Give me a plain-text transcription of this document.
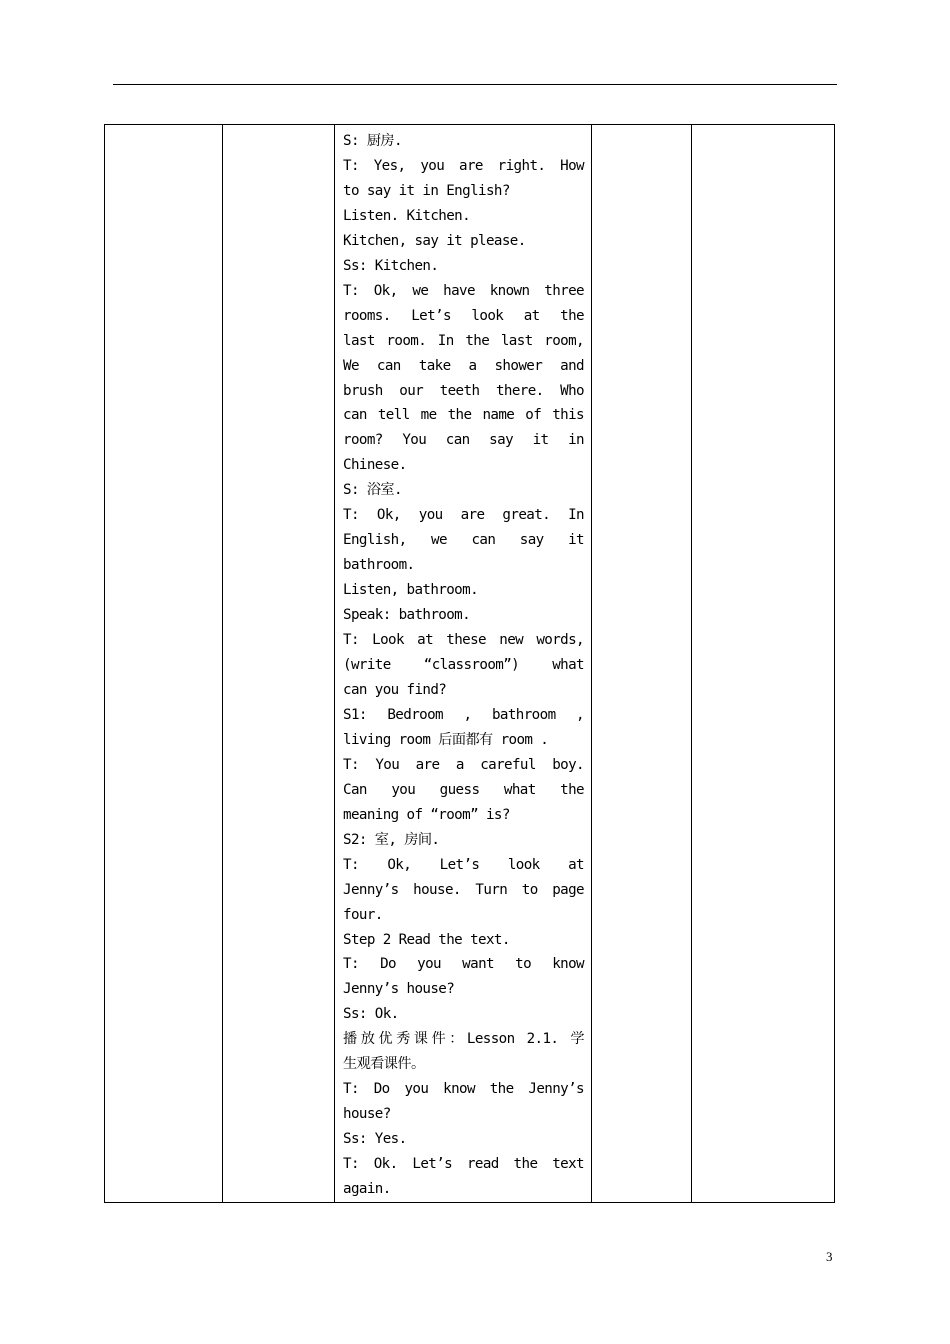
S: 厨房.
T: Yes, you are right. How
to say it in English?
Listen. Kitchen.
Kitchen, say it please.
Ss: Kitchen.
T: Ok, we have known three
rooms. Let’s look at the
last room. In the last room,
We can take a shower and
brush our teeth there. Who
can tell me the name of this
room? You can say it in
Chinese.
S: 浴室.
T: Ok, you are great. In
English, we can say it
bathroom.
Listen, bathroom.
Speak: bathroom.
T: Look at these new words,
(write “classroom”) what
can you find?
S1: Bedroom , bathroom ,
living room 后面都有 room .
T: You are a careful boy.
Can you guess what the
meaning of “room” is?
S2: 室, 房间.
T: Ok, Let’s look at
Jenny’s house. Turn to page
four.
Step 2 Read the text.
T: Do you want to know
Jenny’s house?
Ss: Ok.
播放优秀课件：Lesson 2.1. 学
生观看课件。
T: Do you know the Jenny’s
house?
Ss: Yes.
T: Ok. Let’s read the text
again.

3
